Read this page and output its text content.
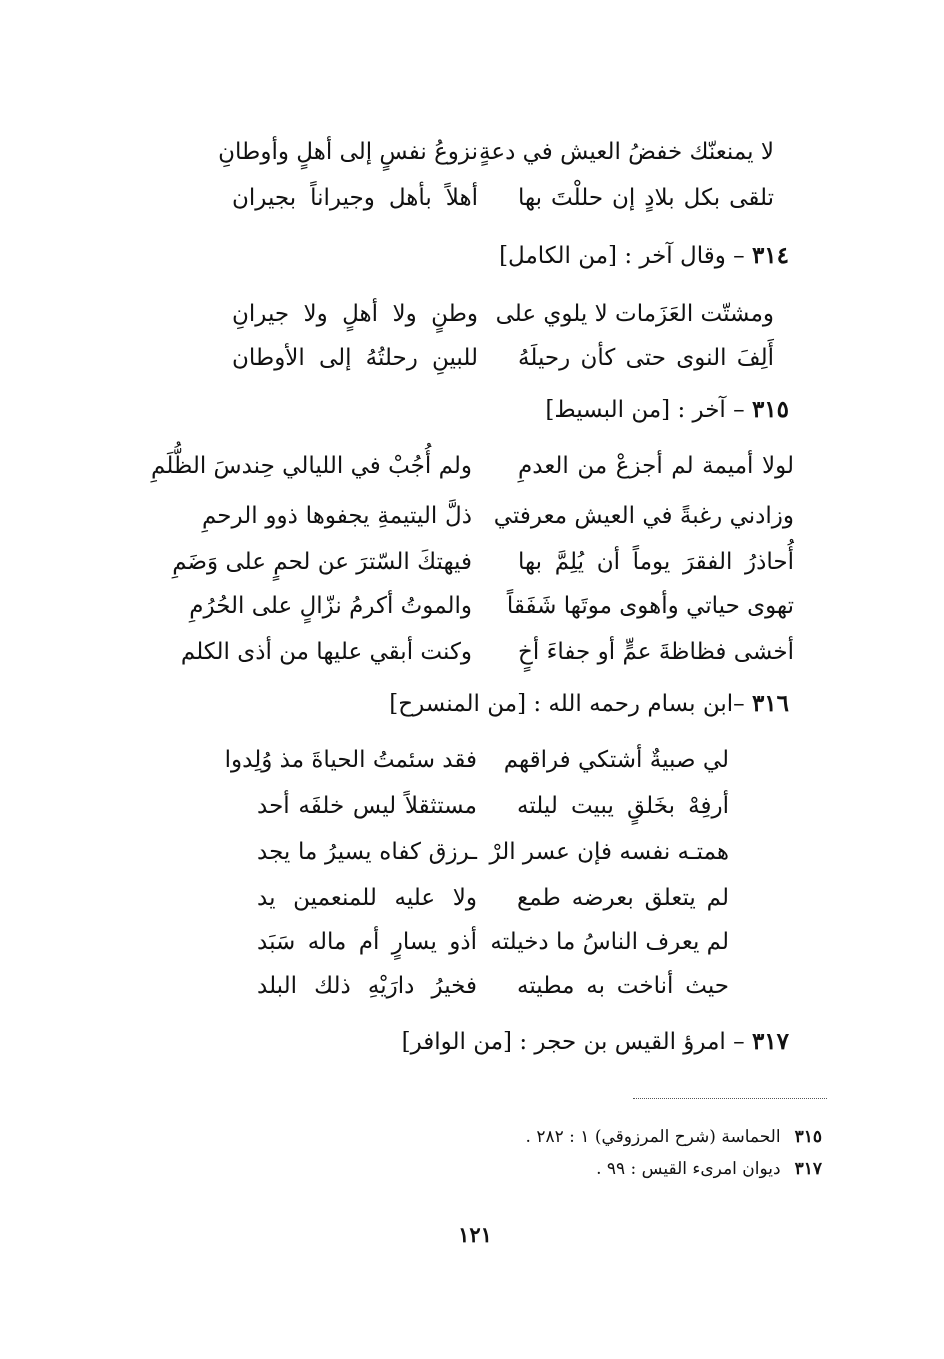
لا يمنعنّك خفضُ العيش في دعةٍ
نزوعُ نفسٍ إلى أهلٍ وأوطانِ
تلقى بكل بلادٍ إن حللْتَ بها
أهلاً بأهل وجيراناً بجيران
٣١٤ – وقال آخر : [من الكامل]
ومشتّت العَزَمات لا يلوي على
وطنٍ ولا أهلٍ ولا جيرانِ
أَلِفَ النوى حتى كأن رحيلَهُ
للبينِ رحلتُهُ إلى الأوطان
٣١٥ – آخر : [من البسيط]
لولا أميمة لم أجزعْ من العدمِ
ولم أُجُبْ في الليالي حِندسَ الظُّلَمِ
وزادني رغبةً في العيش معرفتي
ذلَّ اليتيمةِ يجفوها ذوو الرحمِ
أُحاذرُ الفقرَ يوماً أن يُلِمَّ بها
فيهتكَ السّترَ عن لحمٍ على وَضَمِ
تهوى حياتي وأهوى موتَها شَفَقاً
والموتُ أكرمُ نزّالٍ على الحُرُمِ
أخشى فظاظةَ عمٍّ أو جفاءَ أخٍ
وكنت أبقي عليها من أذى الكلم
٣١٦ –ابن بسام رحمه الله : [من المنسرح]
لي صبيةٌ أشتكي فراقهم
فقد سئمتُ الحياةَ مذ وُلِدوا
أرفِهْ بخَلقٍ يبيت ليلته
مستثقلاً ليس خلفَه أحد
همتـه نفسه فإن عسر الرْ
ـرزق كفاه يسيرُ ما يجد
لم يتعلق بعرضه طمع
ولا عليه للمنعمين يد
لم يعرف الناسُ ما دخيلته
أذو يسارٍ أم ماله سَبَد
حيث أناخت به مطيته
فخيرُ دارَيْهِ ذلك البلد
٣١٧ – امرؤ القيس بن حجر : [من الوافر]
٣١٥الحماسة (شرح المرزوقي) ١ : ٢٨٢ .
٣١٧ديوان امرىء القيس : ٩٩ .
١٢١
